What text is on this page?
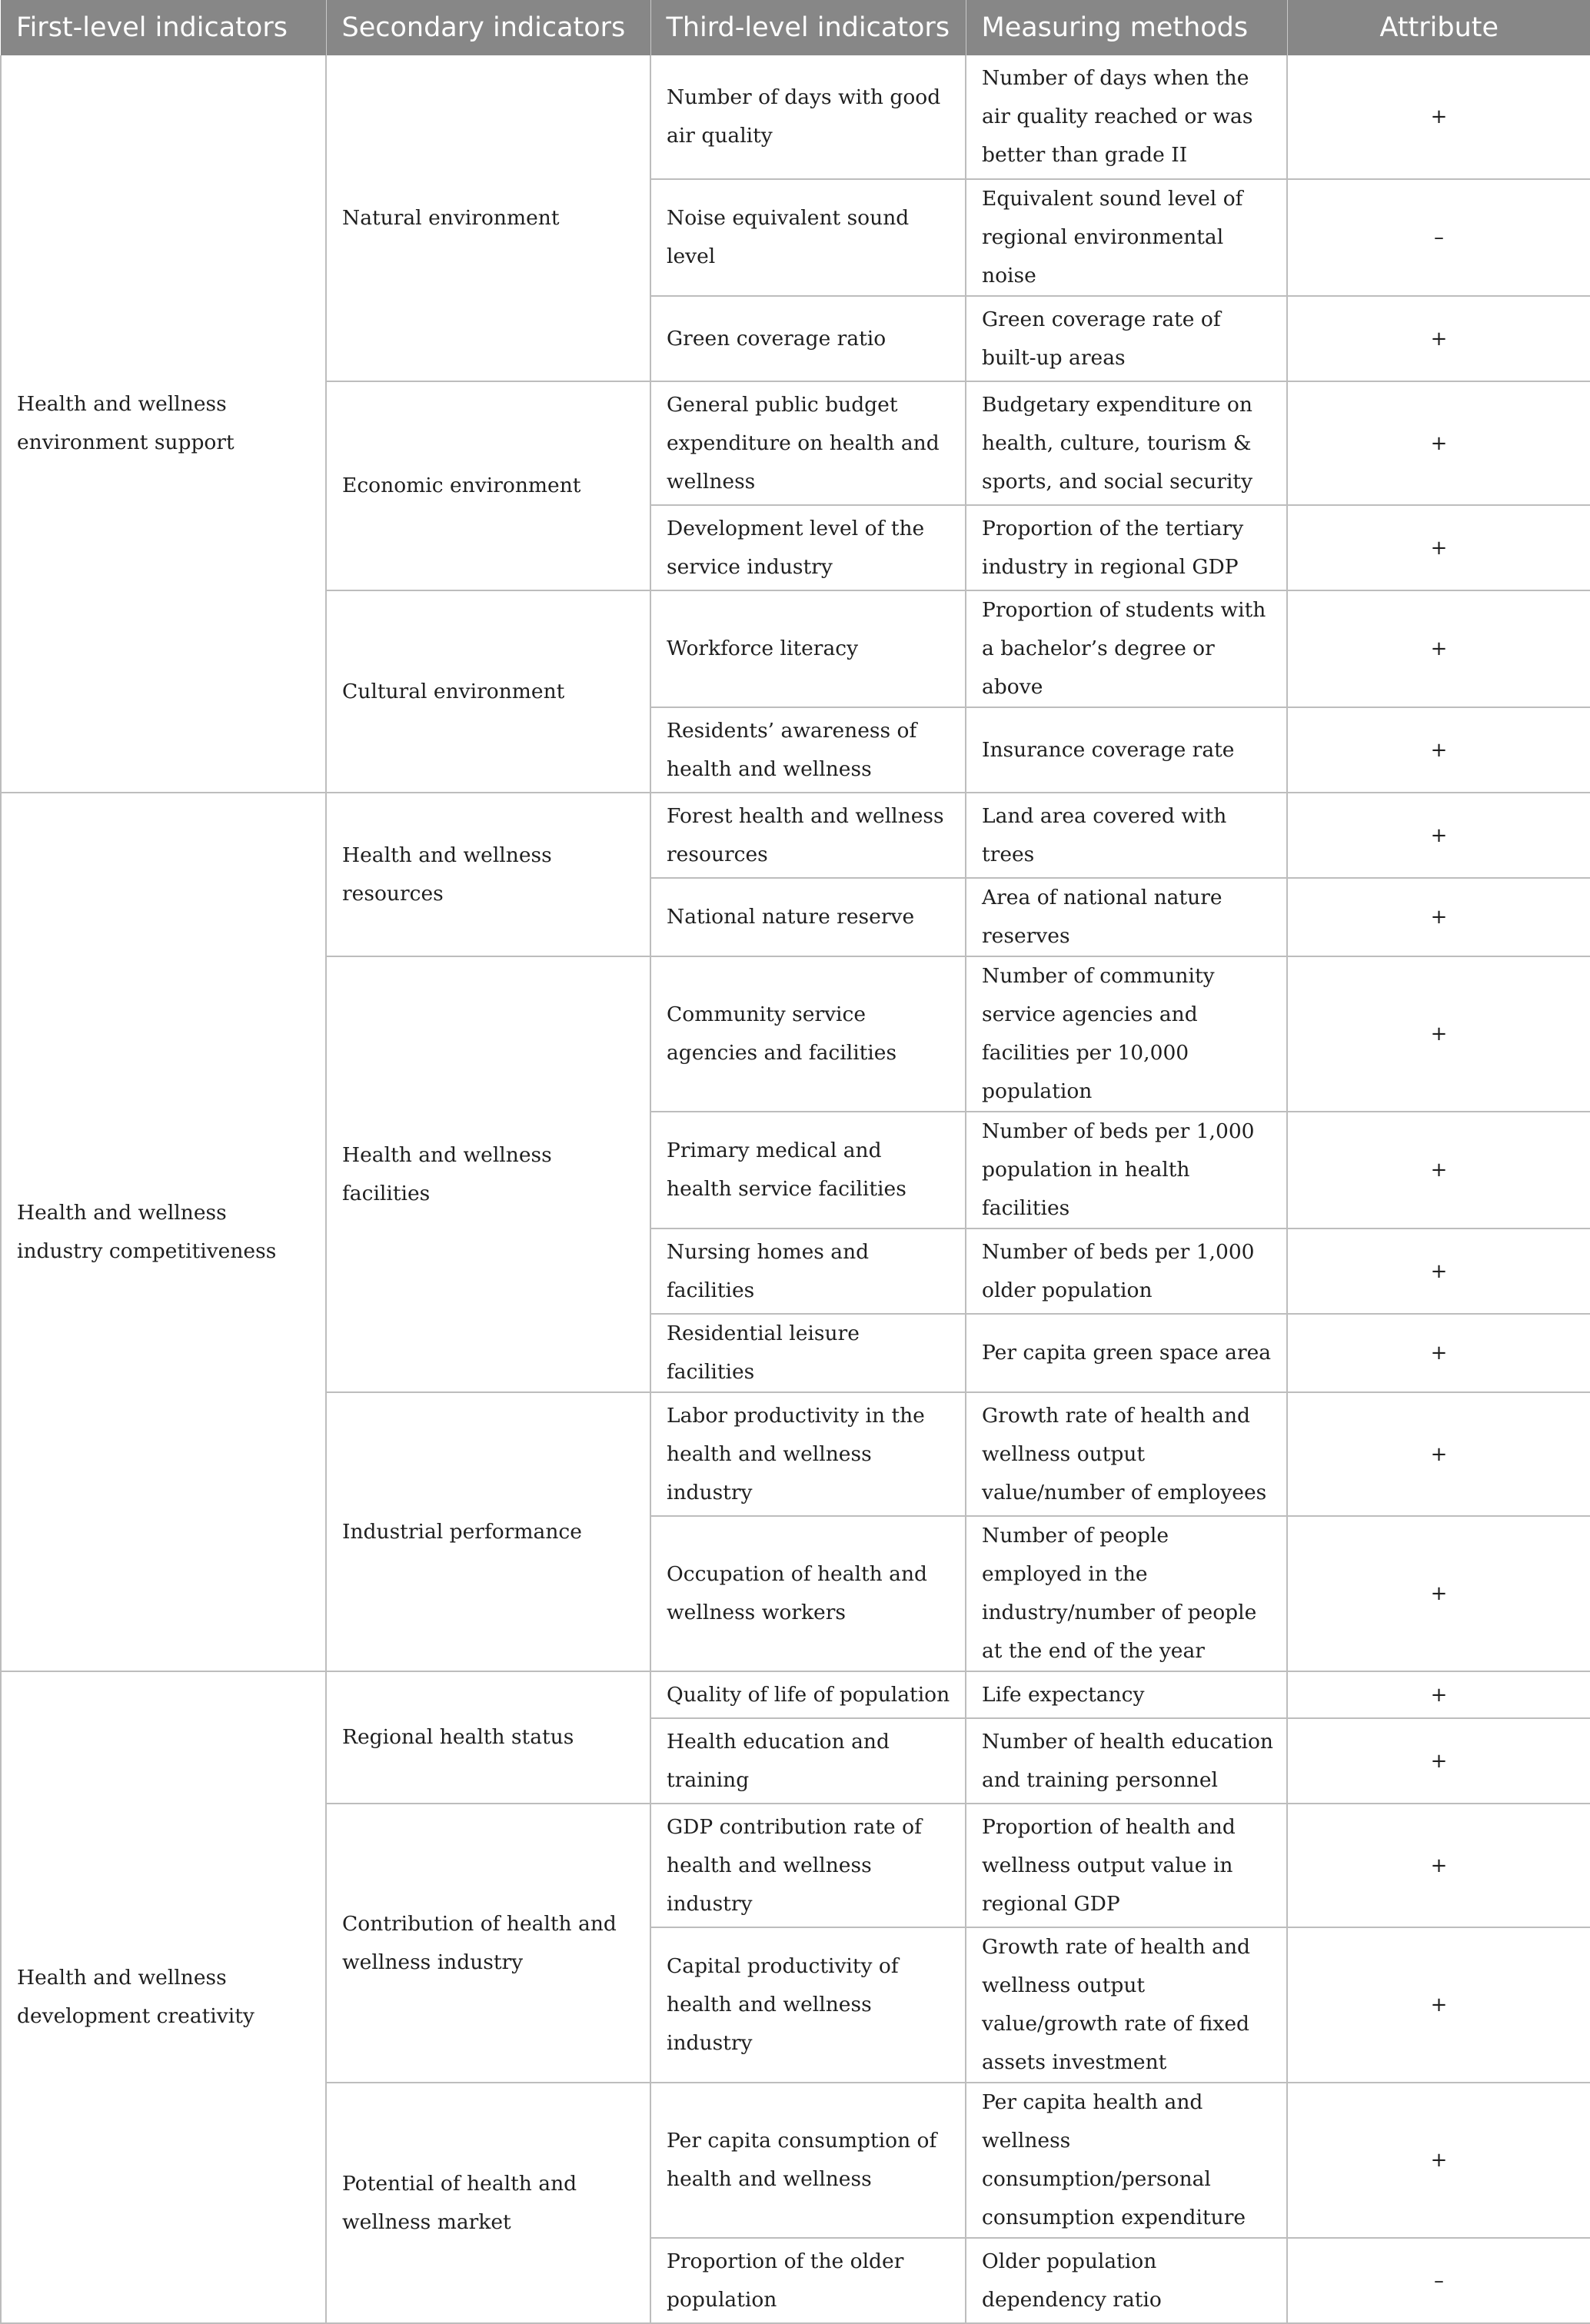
First-level indicators	Secondary indicators	Third-level indicators	Measuring methods	Attribute
Health and wellness environment support	Natural environment	Number of days with good air quality	Number of days when the air quality reached or was better than grade II	+
		Noise equivalent sound level	Equivalent sound level of regional environmental noise	–
		Green coverage ratio	Green coverage rate of built-up areas	+
	Economic environment	General public budget expenditure on health and wellness	Budgetary expenditure on health, culture, tourism & sports, and social security	+
		Development level of the service industry	Proportion of the tertiary industry in regional GDP	+
	Cultural environment	Workforce literacy	Proportion of students with a bachelor’s degree or above	+
		Residents’ awareness of health and wellness	Insurance coverage rate	+
Health and wellness industry competitiveness	Health and wellness resources	Forest health and wellness resources	Land area covered with trees	+
		National nature reserve	Area of national nature reserves	+
	Health and wellness facilities	Community service agencies and facilities	Number of community service agencies and facilities per 10,000 population	+
		Primary medical and health service facilities	Number of beds per 1,000 population in health facilities	+
		Nursing homes and facilities	Number of beds per 1,000 older population	+
		Residential leisure facilities	Per capita green space area	+
	Industrial performance	Labor productivity in the health and wellness industry	Growth rate of health and wellness output value/number of employees	+
		Occupation of health and wellness workers	Number of people employed in the industry/number of people at the end of the year	+
Health and wellness development creativity	Regional health status	Quality of life of population	Life expectancy	+
		Health education and training	Number of health education and training personnel	+
	Contribution of health and wellness industry	GDP contribution rate of health and wellness industry	Proportion of health and wellness output value in regional GDP	+
		Capital productivity of health and wellness industry	Growth rate of health and wellness output value/growth rate of fixed assets investment	+
	Potential of health and wellness market	Per capita consumption of health and wellness	Per capita health and wellness consumption/personal consumption expenditure	+
		Proportion of the older population	Older population dependency ratio	–
